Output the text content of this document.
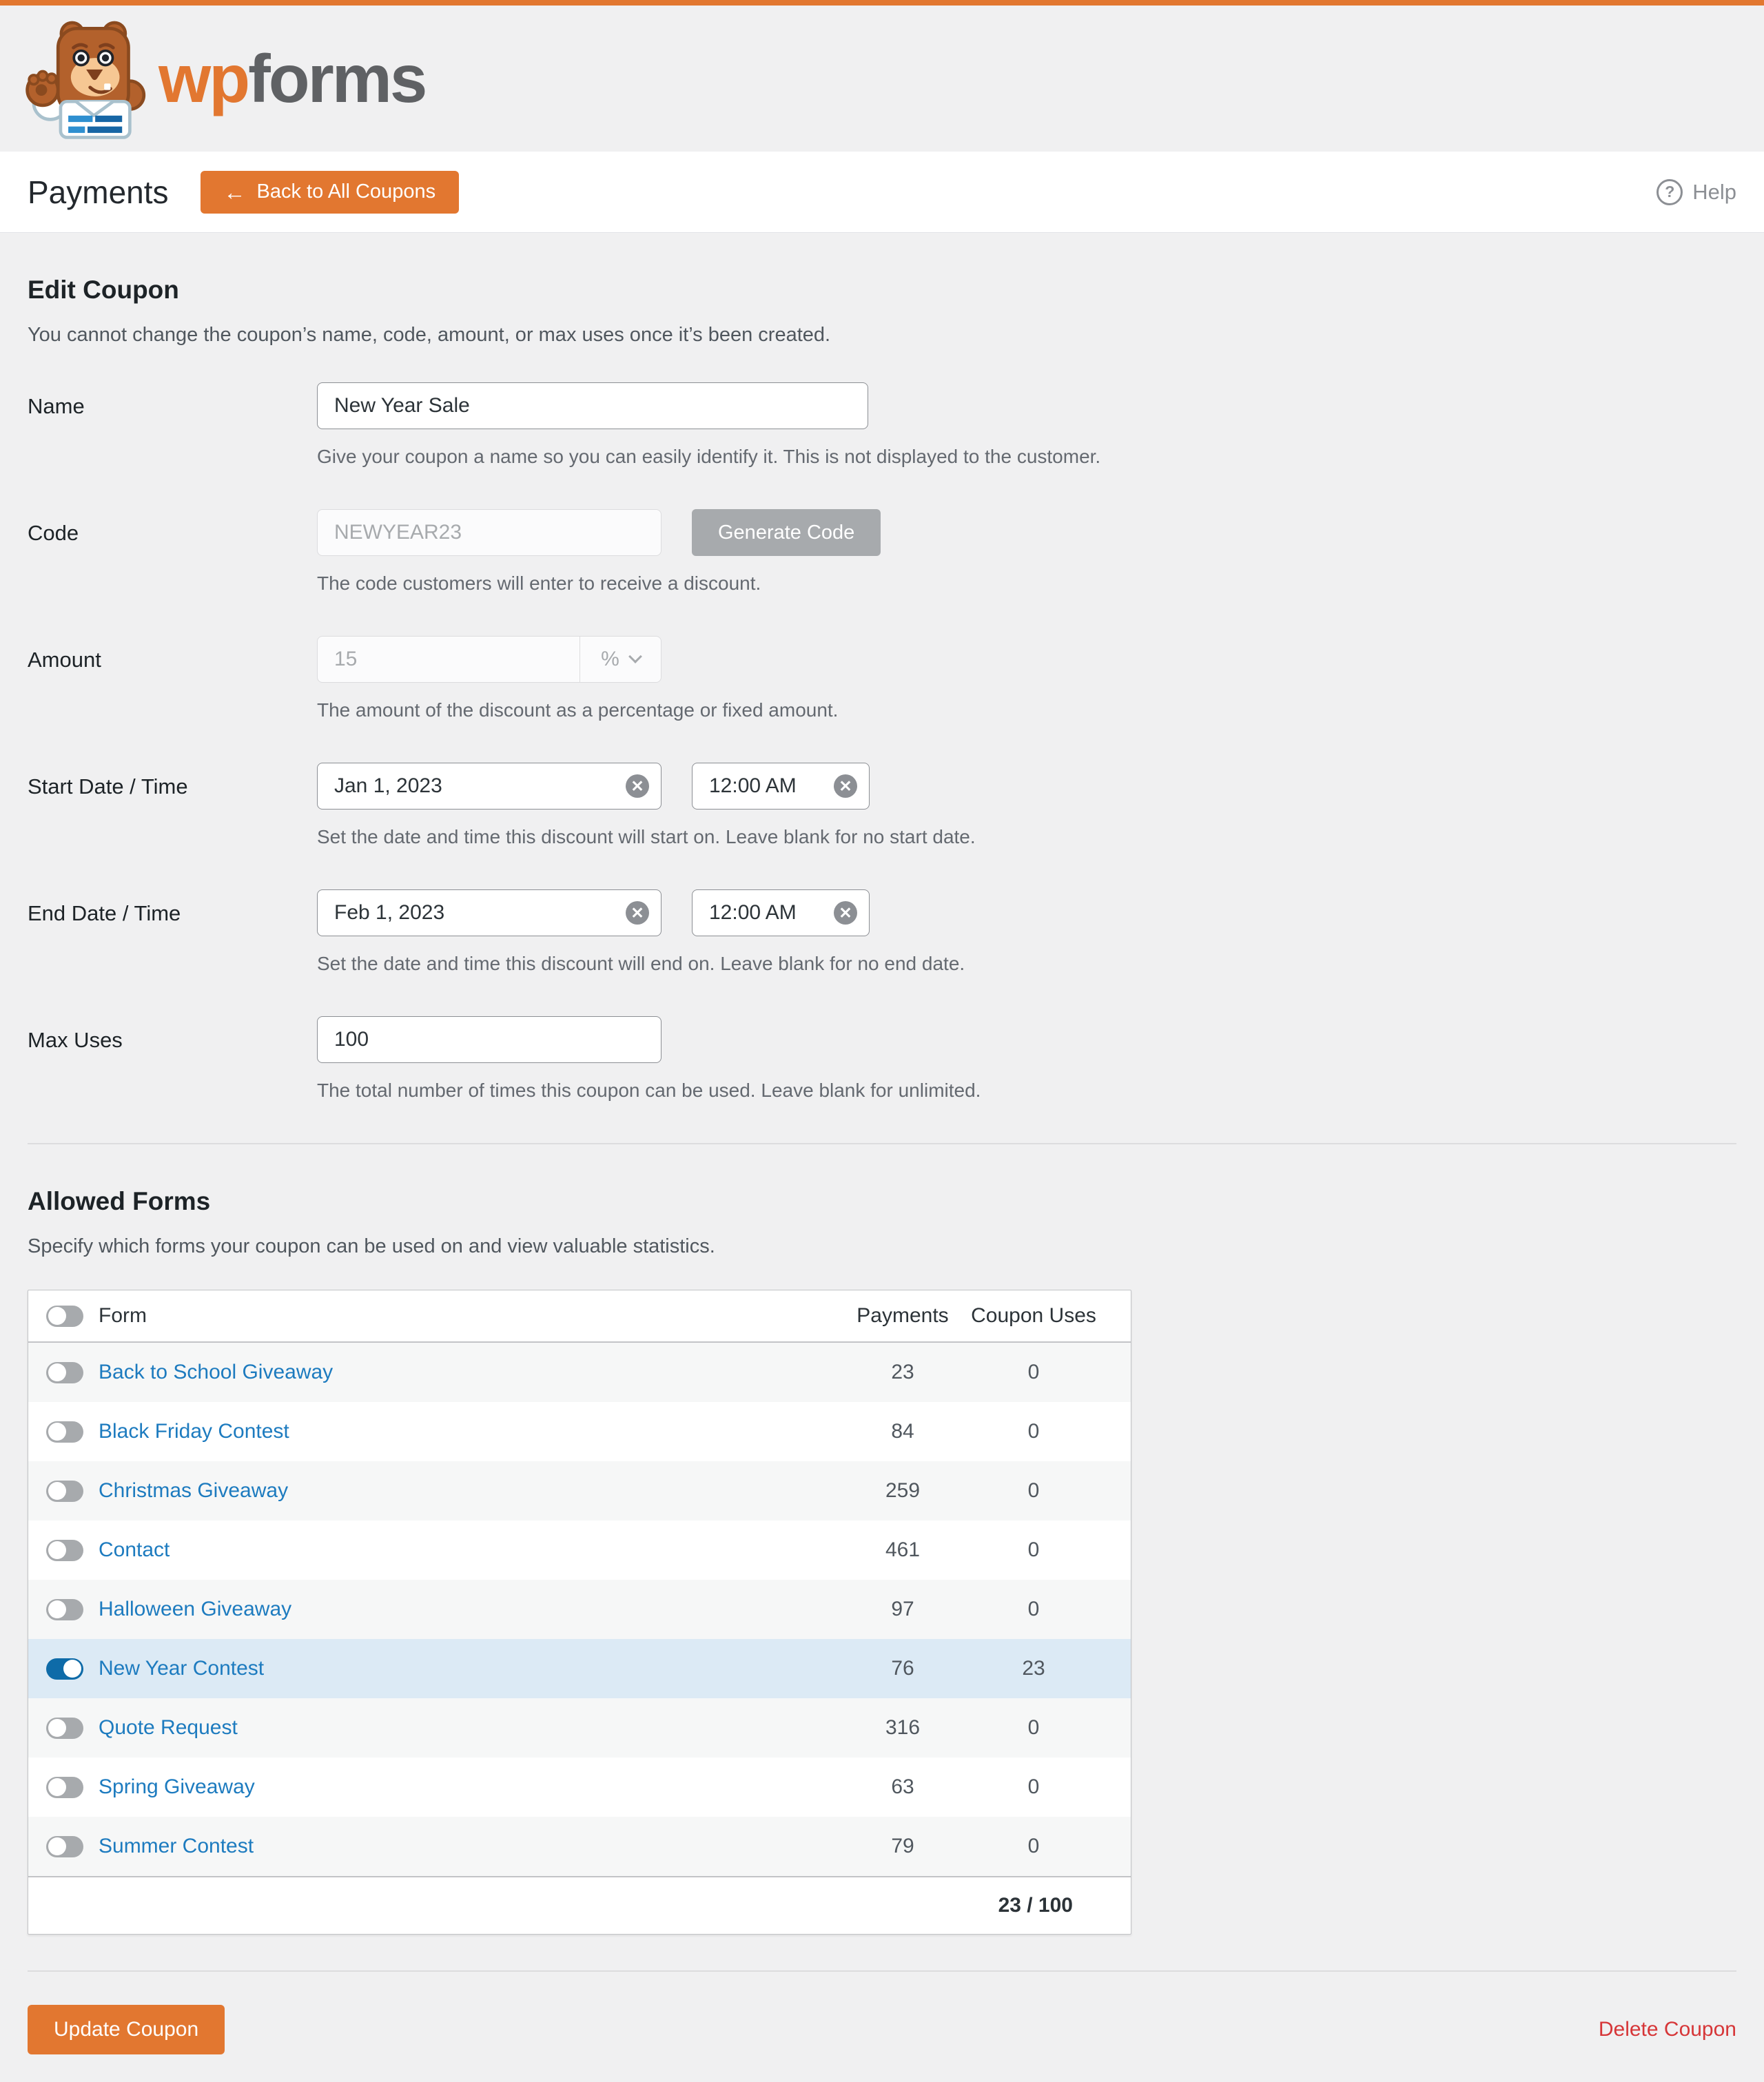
wpforms
Payments	← Back to All Coupons	? Help
Edit Coupon

You cannot change the coupon’s name, code, amount, or max uses once it’s been created.

Name
New Year Sale
Give your coupon a name so you can easily identify it. This is not displayed to the customer.
Code
NEWYEAR23	Generate Code
The code customers will enter to receive a discount.
Amount
15	%
The amount of the discount as a percentage or fixed amount.
Start Date / Time
Jan 1, 2023	✕
12:00 AM	✕
Set the date and time this discount will start on. Leave blank for no start date.
End Date / Time
Feb 1, 2023	✕
12:00 AM	✕
Set the date and time this discount will end on. Leave blank for no end date.
Max Uses
100
The total number of times this coupon can be used. Leave blank for unlimited.
Allowed Forms

Specify which forms your coupon can be used on and view valuable statistics.

Form	Payments	Coupon Uses
Back to School Giveaway	23	0
Black Friday Contest	84	0
Christmas Giveaway	259	0
Contact	461	0
Halloween Giveaway	97	0
New Year Contest	76	23
Quote Request	316	0
Spring Giveaway	63	0
Summer Contest	79	0
23 / 100
Update Coupon	Delete Coupon
